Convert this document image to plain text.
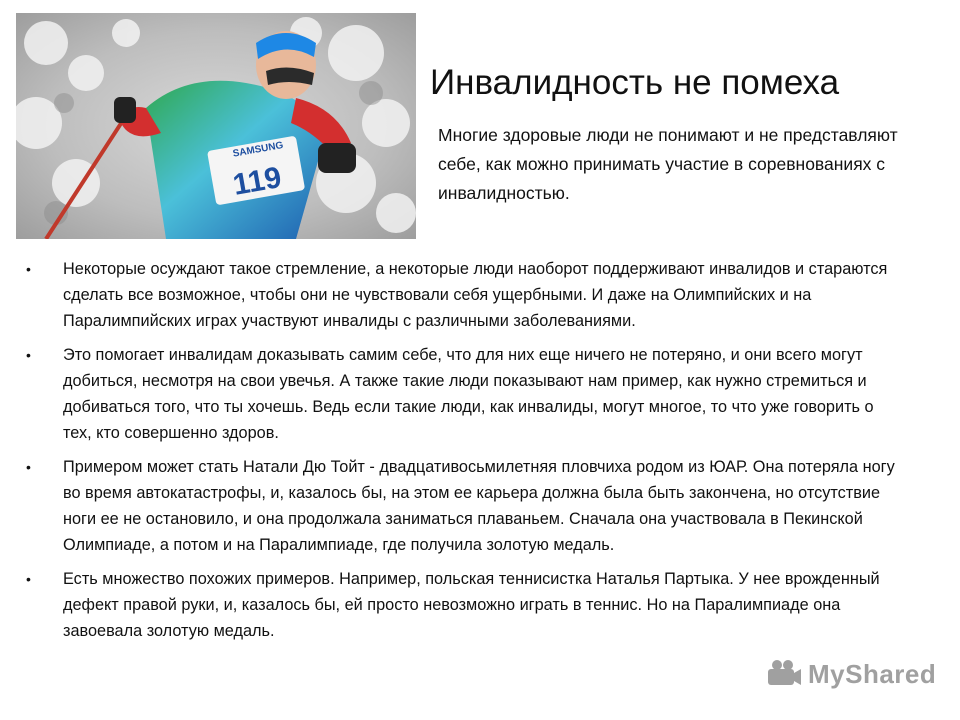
SAMSUNG
119
Инвалидность не помеха
Многие здоровые люди не понимают и не представляют себе, как можно принимать участие в соревнованиях с инвалидностью.
• Некоторые осуждают такое стремление, а некоторые люди наоборот поддерживают инвалидов и стараются сделать все возможное, чтобы они не чувствовали себя ущербными. И даже на Олимпийских и на Паралимпийских играх участвуют инвалиды с различными заболеваниями.
• Это помогает инвалидам доказывать самим себе, что для них еще ничего не потеряно, и они всего могут добиться, несмотря на свои увечья. А также такие люди показывают нам пример, как нужно стремиться и добиваться того, что ты хочешь. Ведь если такие люди, как инвалиды, могут многое, то что уже говорить о тех, кто совершенно здоров.
• Примером может стать Натали Дю Тойт - двадцативосьмилетняя пловчиха родом из ЮАР. Она потеряла ногу во время автокатастрофы, и, казалось бы, на этом ее карьера должна была быть закончена, но отсутствие ноги ее не остановило, и она продолжала заниматься плаваньем. Сначала она участвовала в Пекинской Олимпиаде, а потом и на Паралимпиаде, где получила золотую медаль.
• Есть множество похожих примеров. Например, польская теннисистка Наталья Партыка. У нее врожденный дефект правой руки, и, казалось бы, ей просто невозможно играть в теннис. Но на Паралимпиаде она завоевала золотую медаль.
MyShared
